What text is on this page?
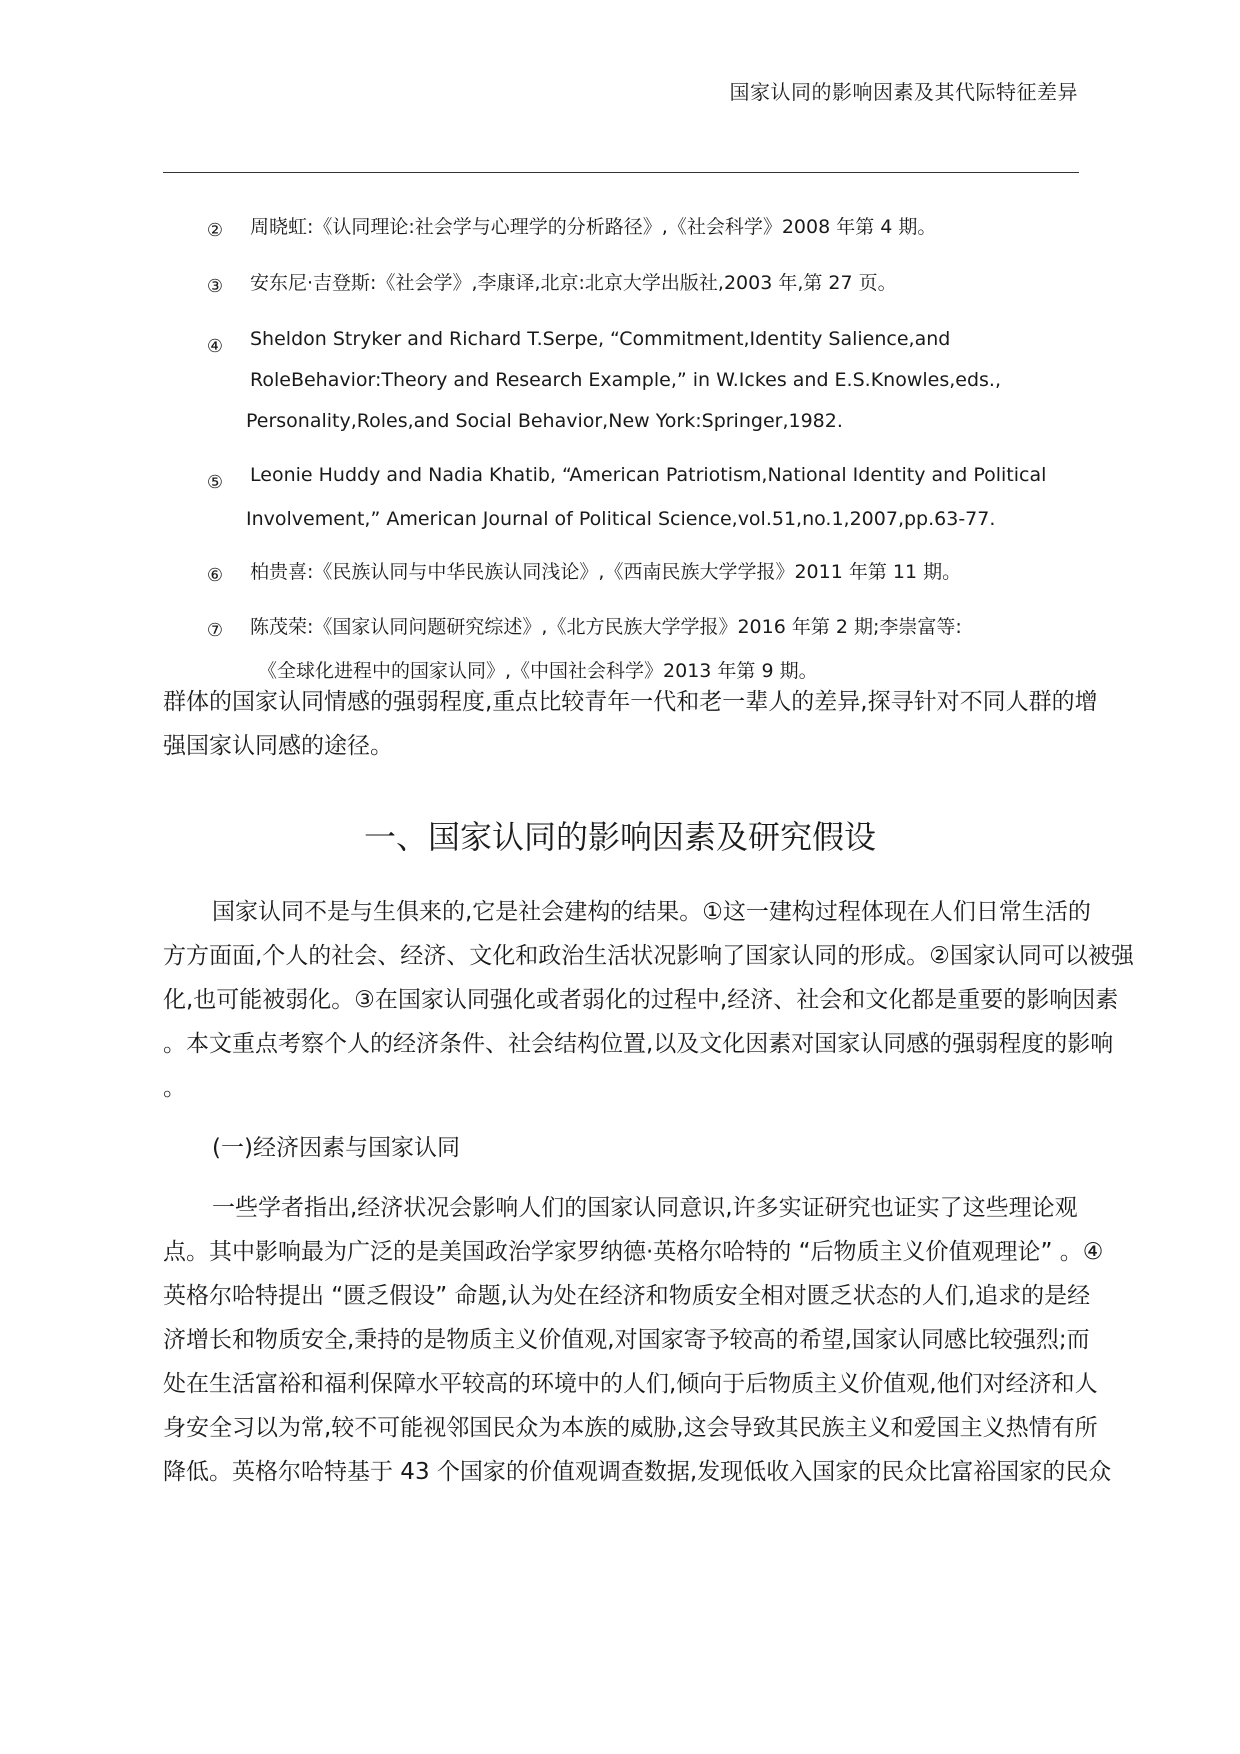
国家认同的影响因素及其代际特征差异
② 周晓虹:《认同理论:社会学与心理学的分析路径》,《社会科学》2008 年第 4 期。
③ 安东尼·吉登斯:《社会学》,李康译,北京:北京大学出版社,2003 年,第 27 页。
④ Sheldon Stryker and Richard T.Serpe, “Commitment,Identity Salience,and
RoleBehavior:Theory and Research Example,” in W.Ickes and E.S.Knowles,eds.,
Personality,Roles,and Social Behavior,New York:Springer,1982.
⑤ Leonie Huddy and Nadia Khatib, “American Patriotism,National Identity and Political
Involvement,” American Journal of Political Science,vol.51,no.1,2007,pp.63-77.
⑥ 柏贵喜:《民族认同与中华民族认同浅论》,《西南民族大学学报》2011 年第 11 期。
⑦ 陈茂荣:《国家认同问题研究综述》,《北方民族大学学报》2016 年第 2 期;李崇富等:
《全球化进程中的国家认同》,《中国社会科学》2013 年第 9 期。
群体的国家认同情感的强弱程度,重点比较青年一代和老一辈人的差异,探寻针对不同人群的增
强国家认同感的途径。
一、国家认同的影响因素及研究假设
国家认同不是与生俱来的,它是社会建构的结果。①这一建构过程体现在人们日常生活的
方方面面,个人的社会、经济、文化和政治生活状况影响了国家认同的形成。②国家认同可以被强
化,也可能被弱化。③在国家认同强化或者弱化的过程中,经济、社会和文化都是重要的影响因素
。本文重点考察个人的经济条件、社会结构位置,以及文化因素对国家认同感的强弱程度的影响
。
(一)经济因素与国家认同
一些学者指出,经济状况会影响人们的国家认同意识,许多实证研究也证实了这些理论观
点。其中影响最为广泛的是美国政治学家罗纳德·英格尔哈特的 “后物质主义价值观理论” 。④
英格尔哈特提出 “匮乏假设” 命题,认为处在经济和物质安全相对匮乏状态的人们,追求的是经
济增长和物质安全,秉持的是物质主义价值观,对国家寄予较高的希望,国家认同感比较强烈;而
处在生活富裕和福利保障水平较高的环境中的人们,倾向于后物质主义价值观,他们对经济和人
身安全习以为常,较不可能视邻国民众为本族的威胁,这会导致其民族主义和爱国主义热情有所
降低。英格尔哈特基于 43 个国家的价值观调查数据,发现低收入国家的民众比富裕国家的民众
